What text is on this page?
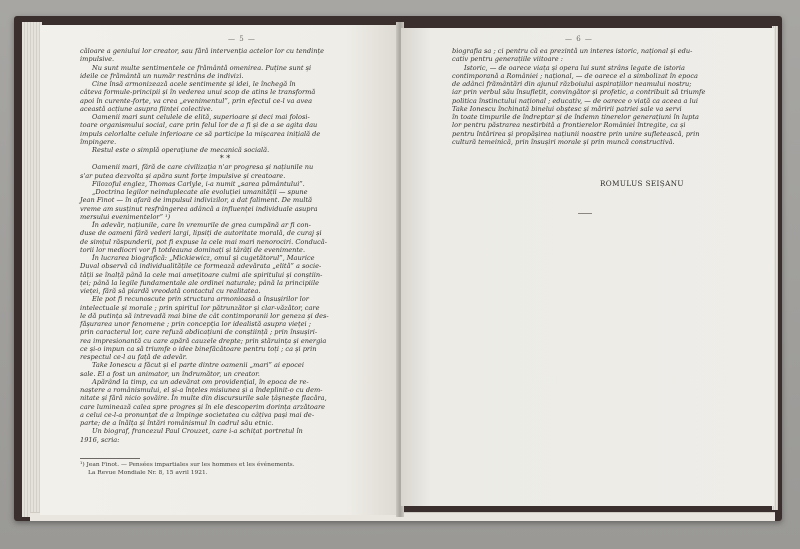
— 5 —	— 6 —

căloare a geniului lor creator, sau fără intervenția actelor lor cu tendințe

impulsive.

Nu sunt multe sentimentele ce frământă omenirea. Puține sunt și

ideile ce frământă un număr restrâns de indivizi.

Cine însă armonizează acele sentimente și idei, le închegă în

câteva formule-principii și în vederea unui scop de atins le transformă

apoi în curente-forțe, va crea „evenimentul”, prin efectul ce-l va avea

această acțiune asupra ființei colective.

Oamenii mari sunt celulele de elită, superioare și deci mai folosi-

toare organismului social, care prin felul lor de a fi și de a se agita dau

impuls celorlalte celule inferioare ce să participe la mișcarea inițială de

împingere.

Restul este o simplă operațiune de mecanică socială.

* *

Oamenii mari, fără de care civilizația n'ar progresa și națiunile nu

s'ar putea dezvolta și apăra sunt forțe impulsive și creatoare.

Filozoful englez, Thomas Carlyle, i-a numit „sarea pământului”.

„Doctrina legilor neinduplecate ale evoluției umanității — spune

Jean Finot — în afară de impulsul indivizilor, a dat faliment. De multă

vreme am susținut resfrângerea adâncă a influenței individuale asupra

mersului evenimentelor” ¹)

În adevăr, națiunile, care în vremurile de grea cumpănă ar fi con-

duse de oameni fără vederi largi, lipsiți de autoritate morală, de curaj și

de simțul răspunderii, pot fi expuse la cele mai mari nenorociri. Conducă-

torii lor mediocri vor fi totdeauna dominați și târâți de evenimente.

În lucrarea biografică: „Mickiewicz, omul și cugetătorul”, Maurice

Duval observă că individualitățile ce formează adevărata „elită” a socie-

tății se înalță până la cele mai amețitoare culmi ale spiritului și conștiin-

ței; până la legile fundamentale ale ordinei naturale; până la principiile

vieței, fără să piardă vreodată contactul cu realitatea.

Ele pot fi recunoscute prin structura armonioasă a însușirilor lor

intelectuale și morale ; prin spiritul lor pătrunzător și clar-văzător, care

le dă putința să intrevadă mai bine de cât contimporanii lor geneza și des-

fășurarea unor fenomene ; prin concepția lor idealistă asupra vieței ;

prin caracterul lor, care refuză abdicațiuni de conștiință ; prin însușiri-

rea impresionantă cu care apără cauzele drepte; prin stăruința și energia

ce și-o impun ca să triumfe o idee binefăcătoare pentru toți ; ca și prin

respectul ce-l au față de adevăr.

Take Ionescu a făcut și el parte dintre oamenii „mari” ai epocei

sale. El a fost un animator, un îndrumător, un creator.

Apărând la timp, ca un adevărat om providențial, în epoca de re-

naștere a românismului, el și-a înțeles misiunea și a îndeplinit-o cu dem-

nitate și fără nicio șovăire. În multe din discursurile sale țâșnește flacăra,

care luminează calea spre progres și în ele descoperim dorința arzătoare

a celui ce-l-a pronunțat de a împinge societatea cu câțiva pași mai de-

parte; de a înălța și întări românismul în cadrul său etnic.

Un biograf, francezul Paul Crouzet, care i-a schițat portretul în

1916, scria:

¹) Jean Finot. — Pensées impartiales sur les hommes et les événements.
La Revue Mondiale Nr. 8, 15 avril 1921.

biografia sa ; ci pentru că ea prezintă un interes istoric, național și edu-

cativ pentru generațiile viitoare :

Istoric, — de oarece viața și opera lui sunt strâns legate de istoria

contimporană a României ; național, — de oarece el a simbolizat în epoca

de adânci frământări din ajunul războiului aspirațiilor neamului nostru;

iar prin verbul său însuflețit, convingător și profetic, a contribuit să triumfe

politica înstinctului național ; educativ, — de oarece o viață ca aceea a lui

Take Ionescu închinată binelui obștesc și măririi patriei sale va servi

în toate timpurile de îndreptar și de îndemn tinerelor generațiuni în lupta

lor pentru păstrarea nestirbită a frontierelor României întregite, ca și

pentru întărirea și propășirea națiunii noastre prin unire sufletească, prin

cultură temeinică, prin însușiri morale și prin muncă constructivă.

ROMULUS SEIȘANU
